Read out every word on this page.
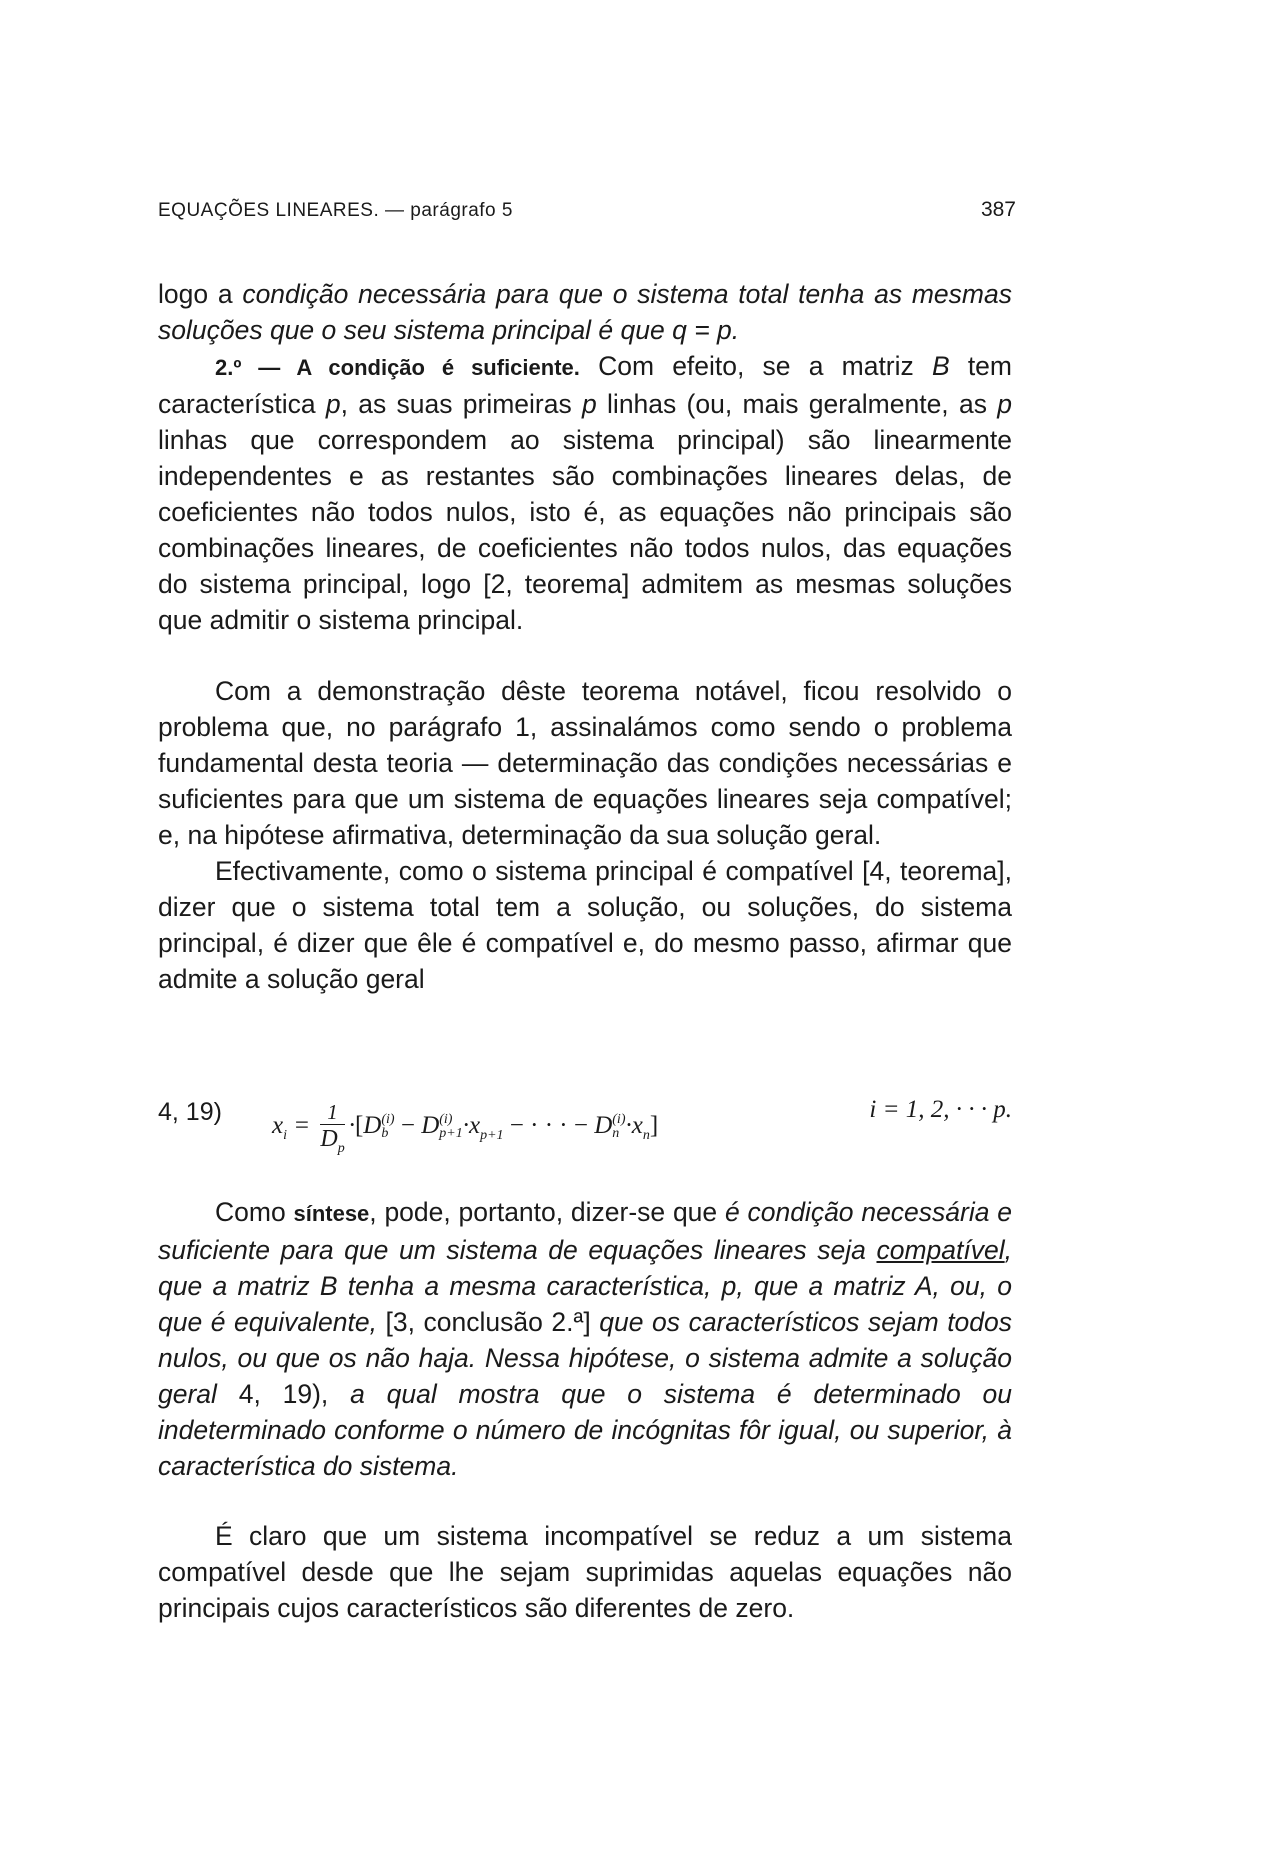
EQUAÇÕES LINEARES. — parágrafo 5	387

logo a condição necessária para que o sistema total tenha as mesmas soluções que o seu sistema principal é que q = p.

2.º — A condição é suficiente. Com efeito, se a matriz B tem característica p, as suas primeiras p linhas (ou, mais geralmente, as p linhas que correspondem ao sistema principal) são linearmente independentes e as restantes são combinações lineares delas, de coeficientes não todos nulos, isto é, as equações não principais são combinações lineares, de coeficientes não todos nulos, das equações do sistema principal, logo [2, teorema] admitem as mesmas soluções que admitir o sistema principal.

Com a demonstração dêste teorema notável, ficou resolvido o problema que, no parágrafo 1, assinalámos como sendo o problema fundamental desta teoria — determinação das condições necessárias e suficientes para que um sistema de equações lineares seja compatível; e, na hipótese afirmativa, determinação da sua solução geral.

Efectivamente, como o sistema principal é compatível [4, teorema], dizer que o sistema total tem a solução, ou soluções, do sistema principal, é dizer que êle é compatível e, do mesmo passo, afirmar que admite a solução geral

4, 19) $x_i = \frac{1}{D_p} \cdot[D$ (i)
b − D (i)
$p+1 \cdot x_{p+1}$ − · · · − D (i)
$n \cdot x_n$]
i = 1, 2, · · · p.

Como síntese, pode, portanto, dizer-se que é condição necessária e suficiente para que um sistema de equações lineares seja compatível, que a matriz B tenha a mesma característica, p, que a matriz A, ou, o que é equivalente, [3, conclusão 2.ª] que os característicos sejam todos nulos, ou que os não haja. Nessa hipótese, o sistema admite a solução geral 4, 19), a qual mostra que o sistema é determinado ou indeterminado conforme o número de incógnitas fôr igual, ou superior, à característica do sistema.

É claro que um sistema incompatível se reduz a um sistema compatível desde que lhe sejam suprimidas aquelas equações não principais cujos característicos são diferentes de zero.
